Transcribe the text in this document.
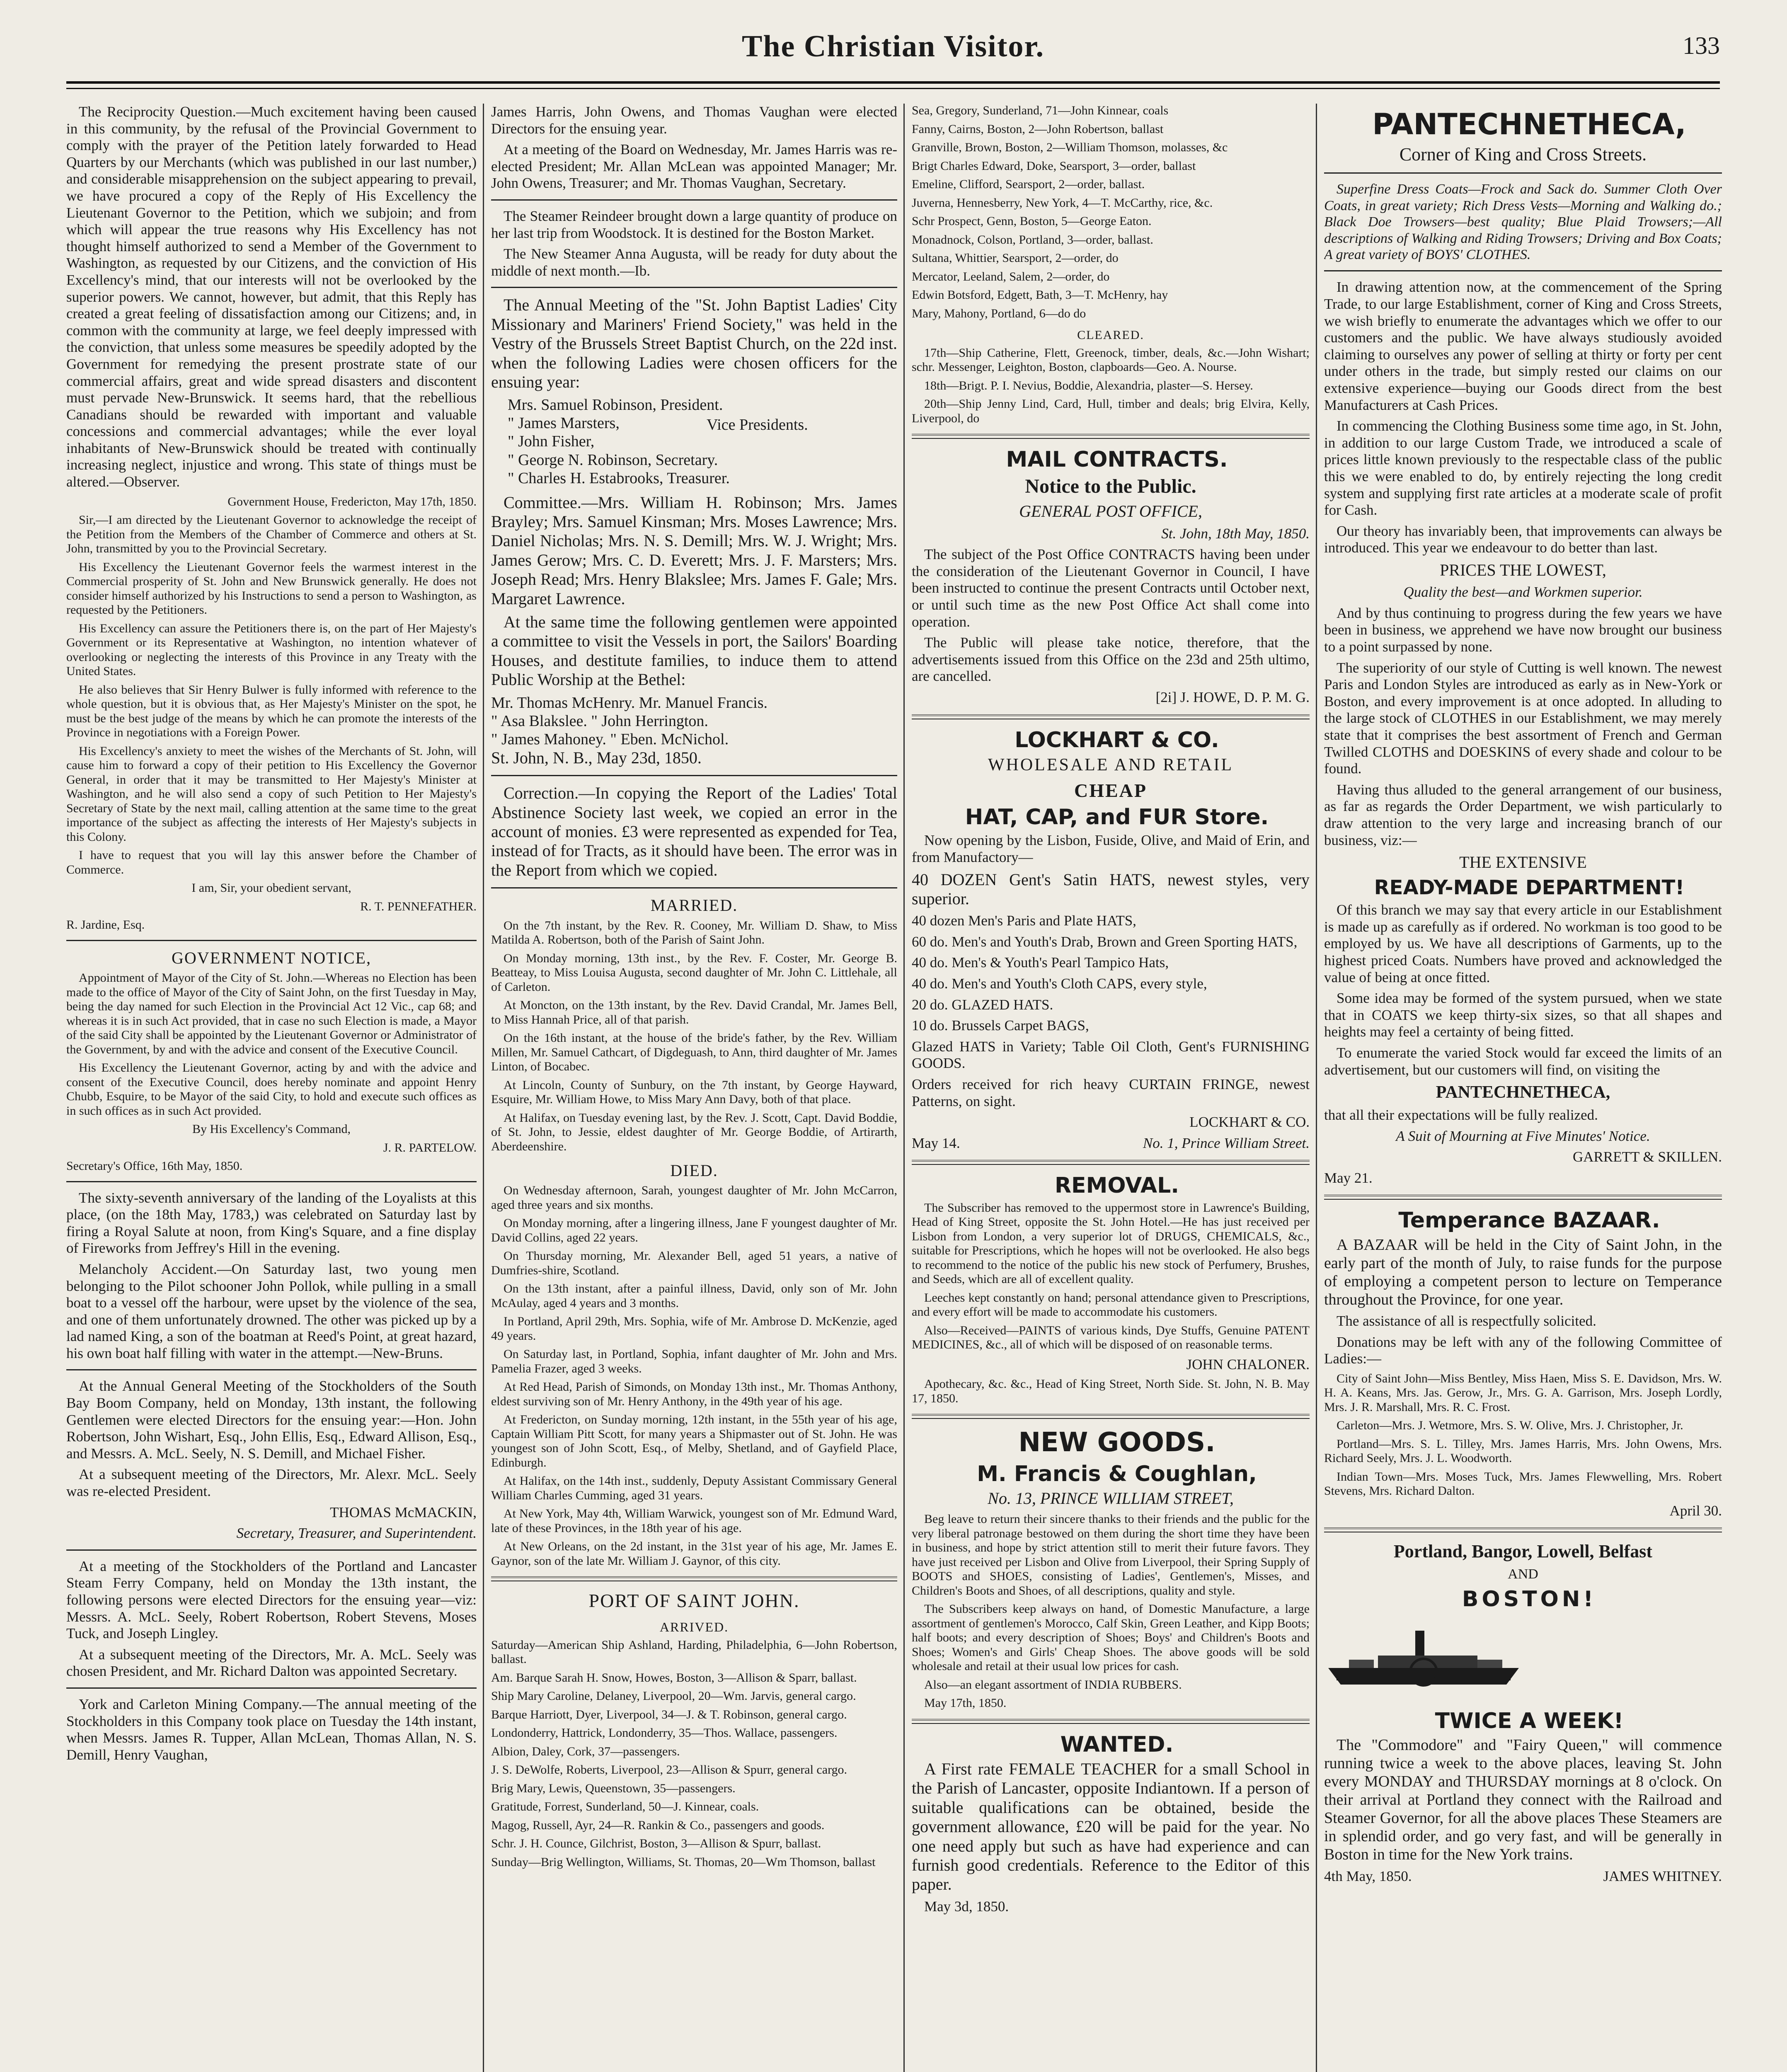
The Christian Visitor.	133

The Reciprocity Question.—Much excitement having been caused in this community, by the refusal of the Provincial Government to comply with the prayer of the Petition lately forwarded to Head Quarters by our Merchants (which was published in our last number,) and considerable misapprehension on the subject appearing to prevail, we have procured a copy of the Reply of His Excellency the Lieutenant Governor to the Petition, which we subjoin; and from which will appear the true reasons why His Excellency has not thought himself authorized to send a Member of the Government to Washington, as requested by our Citizens, and the conviction of His Excellency's mind, that our interests will not be overlooked by the superior powers. We cannot, however, but admit, that this Reply has created a great feeling of dissatisfaction among our Citizens; and, in common with the community at large, we feel deeply impressed with the conviction, that unless some measures be speedily adopted by the Government for remedying the present prostrate state of our commercial affairs, great and wide spread disasters and discontent must pervade New-Brunswick. It seems hard, that the rebellious Canadians should be rewarded with important and valuable concessions and commercial advantages; while the ever loyal inhabitants of New-Brunswick should be treated with continually increasing neglect, injustice and wrong. This state of things must be altered.—Observer.

Government House, Fredericton, May 17th, 1850.

Sir,—I am directed by the Lieutenant Governor to acknowledge the receipt of the Petition from the Members of the Chamber of Commerce and others at St. John, transmitted by you to the Provincial Secretary.

His Excellency the Lieutenant Governor feels the warmest interest in the Commercial prosperity of St. John and New Brunswick generally. He does not consider himself authorized by his Instructions to send a person to Washington, as requested by the Petitioners.

His Excellency can assure the Petitioners there is, on the part of Her Majesty's Government or its Representative at Washington, no intention whatever of overlooking or neglecting the interests of this Province in any Treaty with the United States.

He also believes that Sir Henry Bulwer is fully informed with reference to the whole question, but it is obvious that, as Her Majesty's Minister on the spot, he must be the best judge of the means by which he can promote the interests of the Province in negotiations with a Foreign Power.

His Excellency's anxiety to meet the wishes of the Merchants of St. John, will cause him to forward a copy of their petition to His Excellency the Governor General, in order that it may be transmitted to Her Majesty's Minister at Washington, and he will also send a copy of such Petition to Her Majesty's Secretary of State by the next mail, calling attention at the same time to the great importance of the subject as affecting the interests of Her Majesty's subjects in this Colony.

I have to request that you will lay this answer before the Chamber of Commerce.

I am, Sir, your obedient servant,

R. T. PENNEFATHER.

R. Jardine, Esq.

GOVERNMENT NOTICE,

Appointment of Mayor of the City of St. John.—Whereas no Election has been made to the office of Mayor of the City of Saint John, on the first Tuesday in May, being the day named for such Election in the Provincial Act 12 Vic., cap 68; and whereas it is in such Act provided, that in case no such Election is made, a Mayor of the said City shall be appointed by the Lieutenant Governor or Administrator of the Government, by and with the advice and consent of the Executive Council.

His Excellency the Lieutenant Governor, acting by and with the advice and consent of the Executive Council, does hereby nominate and appoint Henry Chubb, Esquire, to be Mayor of the said City, to hold and execute such offices as in such offices as in such Act provided.

By His Excellency's Command,

J. R. PARTELOW.

Secretary's Office, 16th May, 1850.

The sixty-seventh anniversary of the landing of the Loyalists at this place, (on the 18th May, 1783,) was celebrated on Saturday last by firing a Royal Salute at noon, from King's Square, and a fine display of Fireworks from Jeffrey's Hill in the evening.

Melancholy Accident.—On Saturday last, two young men belonging to the Pilot schooner John Pollok, while pulling in a small boat to a vessel off the harbour, were upset by the violence of the sea, and one of them unfortunately drowned. The other was picked up by a lad named King, a son of the boatman at Reed's Point, at great hazard, his own boat half filling with water in the attempt.—New-Bruns.

At the Annual General Meeting of the Stockholders of the South Bay Boom Company, held on Monday, 13th instant, the following Gentlemen were elected Directors for the ensuing year:—Hon. John Robertson, John Wishart, Esq., John Ellis, Esq., Edward Allison, Esq., and Messrs. A. McL. Seely, N. S. Demill, and Michael Fisher.

At a subsequent meeting of the Directors, Mr. Alexr. McL. Seely was re-elected President.

THOMAS McMACKIN,

Secretary, Treasurer, and Superintendent.

At a meeting of the Stockholders of the Portland and Lancaster Steam Ferry Company, held on Monday the 13th instant, the following persons were elected Directors for the ensuing year—viz: Messrs. A. McL. Seely, Robert Robertson, Robert Stevens, Moses Tuck, and Joseph Lingley.

At a subsequent meeting of the Directors, Mr. A. McL. Seely was chosen President, and Mr. Richard Dalton was appointed Secretary.

York and Carleton Mining Company.—The annual meeting of the Stockholders in this Company took place on Tuesday the 14th instant, when Messrs. James R. Tupper, Allan McLean, Thomas Allan, N. S. Demill, Henry Vaughan,

James Harris, John Owens, and Thomas Vaughan were elected Directors for the ensuing year.

At a meeting of the Board on Wednesday, Mr. James Harris was re-elected President; Mr. Allan McLean was appointed Manager; Mr. John Owens, Treasurer; and Mr. Thomas Vaughan, Secretary.

The Steamer Reindeer brought down a large quantity of produce on her last trip from Woodstock. It is destined for the Boston Market.

The New Steamer Anna Augusta, will be ready for duty about the middle of next month.—Ib.

The Annual Meeting of the "St. John Baptist Ladies' City Missionary and Mariners' Friend Society," was held in the Vestry of the Brussels Street Baptist Church, on the 22d inst. when the following Ladies were chosen officers for the ensuing year:

Mrs. Samuel Robinson, President.
" James Marsters,
" John Fisher,
Vice Presidents.
" George N. Robinson, Secretary.
" Charles H. Estabrooks, Treasurer.

Committee.—Mrs. William H. Robinson; Mrs. James Brayley; Mrs. Samuel Kinsman; Mrs. Moses Lawrence; Mrs. Daniel Nicholas; Mrs. N. S. Demill; Mrs. W. J. Wright; Mrs. James Gerow; Mrs. C. D. Everett; Mrs. J. F. Marsters; Mrs. Joseph Read; Mrs. Henry Blakslee; Mrs. James F. Gale; Mrs. Margaret Lawrence.

At the same time the following gentlemen were appointed a committee to visit the Vessels in port, the Sailors' Boarding Houses, and destitute families, to induce them to attend Public Worship at the Bethel:

Mr. Thomas McHenry. Mr. Manuel Francis.
" Asa Blakslee. " John Herrington.
" James Mahoney. " Eben. McNichol.

St. John, N. B., May 23d, 1850.

Correction.—In copying the Report of the Ladies' Total Abstinence Society last week, we copied an error in the account of monies. £3 were represented as expended for Tea, instead of for Tracts, as it should have been. The error was in the Report from which we copied.

MARRIED.

On the 7th instant, by the Rev. R. Cooney, Mr. William D. Shaw, to Miss Matilda A. Robertson, both of the Parish of Saint John.

On Monday morning, 13th inst., by the Rev. F. Coster, Mr. George B. Beatteay, to Miss Louisa Augusta, second daughter of Mr. John C. Littlehale, all of Carleton.

At Moncton, on the 13th instant, by the Rev. David Crandal, Mr. James Bell, to Miss Hannah Price, all of that parish.

On the 16th instant, at the house of the bride's father, by the Rev. William Millen, Mr. Samuel Cathcart, of Digdeguash, to Ann, third daughter of Mr. James Linton, of Bocabec.

At Lincoln, County of Sunbury, on the 7th instant, by George Hayward, Esquire, Mr. William Howe, to Miss Mary Ann Davy, both of that place.

At Halifax, on Tuesday evening last, by the Rev. J. Scott, Capt. David Boddie, of St. John, to Jessie, eldest daughter of Mr. George Boddie, of Artirarth, Aberdeenshire.

DIED.

On Wednesday afternoon, Sarah, youngest daughter of Mr. John McCarron, aged three years and six months.

On Monday morning, after a lingering illness, Jane F youngest daughter of Mr. David Collins, aged 22 years.

On Thursday morning, Mr. Alexander Bell, aged 51 years, a native of Dumfries-shire, Scotland.

On the 13th instant, after a painful illness, David, only son of Mr. John McAulay, aged 4 years and 3 months.

In Portland, April 29th, Mrs. Sophia, wife of Mr. Ambrose D. McKenzie, aged 49 years.

On Saturday last, in Portland, Sophia, infant daughter of Mr. John and Mrs. Pamelia Frazer, aged 3 weeks.

At Red Head, Parish of Simonds, on Monday 13th inst., Mr. Thomas Anthony, eldest surviving son of Mr. Henry Anthony, in the 49th year of his age.

At Fredericton, on Sunday morning, 12th instant, in the 55th year of his age, Captain William Pitt Scott, for many years a Shipmaster out of St. John. He was youngest son of John Scott, Esq., of Melby, Shetland, and of Gayfield Place, Edinburgh.

At Halifax, on the 14th inst., suddenly, Deputy Assistant Commissary General William Charles Cumming, aged 31 years.

At New York, May 4th, William Warwick, youngest son of Mr. Edmund Ward, late of these Provinces, in the 18th year of his age.

At New Orleans, on the 2d instant, in the 31st year of his age, Mr. James E. Gaynor, son of the late Mr. William J. Gaynor, of this city.

PORT OF SAINT JOHN.

ARRIVED.

Saturday—American Ship Ashland, Harding, Philadelphia, 6—John Robertson, ballast.

Am. Barque Sarah H. Snow, Howes, Boston, 3—Allison & Sparr, ballast.

Ship Mary Caroline, Delaney, Liverpool, 20—Wm. Jarvis, general cargo.

Barque Harriott, Dyer, Liverpool, 34—J. & T. Robinson, general cargo.

Londonderry, Hattrick, Londonderry, 35—Thos. Wallace, passengers.

Albion, Daley, Cork, 37—passengers.

J. S. DeWolfe, Roberts, Liverpool, 23—Allison & Spurr, general cargo.

Brig Mary, Lewis, Queenstown, 35—passengers.

Gratitude, Forrest, Sunderland, 50—J. Kinnear, coals.

Magog, Russell, Ayr, 24—R. Rankin & Co., passengers and goods.

Schr. J. H. Counce, Gilchrist, Boston, 3—Allison & Spurr, ballast.

Sunday—Brig Wellington, Williams, St. Thomas, 20—Wm Thomson, ballast

Sea, Gregory, Sunderland, 71—John Kinnear, coals

Fanny, Cairns, Boston, 2—John Robertson, ballast

Granville, Brown, Boston, 2—William Thomson, molasses, &c

Brigt Charles Edward, Doke, Searsport, 3—order, ballast

Emeline, Clifford, Searsport, 2—order, ballast.

Juverna, Hennesberry, New York, 4—T. McCarthy, rice, &c.

Schr Prospect, Genn, Boston, 5—George Eaton.

Monadnock, Colson, Portland, 3—order, ballast.

Sultana, Whittier, Searsport, 2—order, do

Mercator, Leeland, Salem, 2—order, do

Edwin Botsford, Edgett, Bath, 3—T. McHenry, hay

Mary, Mahony, Portland, 6—do do

CLEARED.

17th—Ship Catherine, Flett, Greenock, timber, deals, &c.—John Wishart; schr. Messenger, Leighton, Boston, clapboards—Geo. A. Nourse.

18th—Brigt. P. I. Nevius, Boddie, Alexandria, plaster—S. Hersey.

20th—Ship Jenny Lind, Card, Hull, timber and deals; brig Elvira, Kelly, Liverpool, do

MAIL CONTRACTS.

Notice to the Public.

GENERAL POST OFFICE,

St. John, 18th May, 1850.

The subject of the Post Office CONTRACTS having been under the consideration of the Lieutenant Governor in Council, I have been instructed to continue the present Contracts until October next, or until such time as the new Post Office Act shall come into operation.

The Public will please take notice, therefore, that the advertisements issued from this Office on the 23d and 25th ultimo, are cancelled.

[2i] J. HOWE, D. P. M. G.

LOCKHART & CO.

WHOLESALE AND RETAIL

CHEAP

HAT, CAP, and FUR Store.

Now opening by the Lisbon, Fuside, Olive, and Maid of Erin, and from Manufactory—

40 DOZEN Gent's Satin HATS, newest styles, very superior.

40 dozen Men's Paris and Plate HATS,

60 do. Men's and Youth's Drab, Brown and Green Sporting HATS,

40 do. Men's & Youth's Pearl Tampico Hats,

40 do. Men's and Youth's Cloth CAPS, every style,

20 do. GLAZED HATS.

10 do. Brussels Carpet BAGS,

Glazed HATS in Variety; Table Oil Cloth, Gent's FURNISHING GOODS.

Orders received for rich heavy CURTAIN FRINGE, newest Patterns, on sight.

LOCKHART & CO.

May 14.	No. 1, Prince William Street.

REMOVAL.

The Subscriber has removed to the uppermost store in Lawrence's Building, Head of King Street, opposite the St. John Hotel.—He has just received per Lisbon from London, a very superior lot of DRUGS, CHEMICALS, &c., suitable for Prescriptions, which he hopes will not be overlooked. He also begs to recommend to the notice of the public his new stock of Perfumery, Brushes, and Seeds, which are all of excellent quality.

Leeches kept constantly on hand; personal attendance given to Prescriptions, and every effort will be made to accommodate his customers.

Also—Received—PAINTS of various kinds, Dye Stuffs, Genuine PATENT MEDICINES, &c., all of which will be disposed of on reasonable terms.

JOHN CHALONER.

Apothecary, &c. &c., Head of King Street, North Side. St. John, N. B. May 17, 1850.

NEW GOODS.

M. Francis & Coughlan,

No. 13, PRINCE WILLIAM STREET,

Beg leave to return their sincere thanks to their friends and the public for the very liberal patronage bestowed on them during the short time they have been in business, and hope by strict attention still to merit their future favors. They have just received per Lisbon and Olive from Liverpool, their Spring Supply of BOOTS and SHOES, consisting of Ladies', Gentlemen's, Misses, and Children's Boots and Shoes, of all descriptions, quality and style.

The Subscribers keep always on hand, of Domestic Manufacture, a large assortment of gentlemen's Morocco, Calf Skin, Green Leather, and Kipp Boots; half boots; and every description of Shoes; Boys' and Children's Boots and Shoes; Women's and Girls' Cheap Shoes. The above goods will be sold wholesale and retail at their usual low prices for cash.

Also—an elegant assortment of INDIA RUBBERS.

May 17th, 1850.

WANTED.

A First rate FEMALE TEACHER for a small School in the Parish of Lancaster, opposite Indiantown. If a person of suitable qualifications can be obtained, beside the government allowance, £20 will be paid for the year. No one need apply but such as have had experience and can furnish good credentials. Reference to the Editor of this paper.

May 3d, 1850.

PANTECHNETHECA,

Corner of King and Cross Streets.

Superfine Dress Coats—Frock and Sack do. Summer Cloth Over Coats, in great variety; Rich Dress Vests—Morning and Walking do.; Black Doe Trowsers—best quality; Blue Plaid Trowsers;—All descriptions of Walking and Riding Trowsers; Driving and Box Coats; A great variety of BOYS' CLOTHES.

In drawing attention now, at the commencement of the Spring Trade, to our large Establishment, corner of King and Cross Streets, we wish briefly to enumerate the advantages which we offer to our customers and the public. We have always studiously avoided claiming to ourselves any power of selling at thirty or forty per cent under others in the trade, but simply rested our claims on our extensive experience—buying our Goods direct from the best Manufacturers at Cash Prices.

In commencing the Clothing Business some time ago, in St. John, in addition to our large Custom Trade, we introduced a scale of prices little known previously to the respectable class of the public this we were enabled to do, by entirely rejecting the long credit system and supplying first rate articles at a moderate scale of profit for Cash.

Our theory has invariably been, that improvements can always be introduced. This year we endeavour to do better than last.

PRICES THE LOWEST,

Quality the best—and Workmen superior.

And by thus continuing to progress during the few years we have been in business, we apprehend we have now brought our business to a point surpassed by none.

The superiority of our style of Cutting is well known. The newest Paris and London Styles are introduced as early as in New-York or Boston, and every improvement is at once adopted. In alluding to the large stock of CLOTHES in our Establishment, we may merely state that it comprises the best assortment of French and German Twilled CLOTHS and DOESKINS of every shade and colour to be found.

Having thus alluded to the general arrangement of our business, as far as regards the Order Department, we wish particularly to draw attention to the very large and increasing branch of our business, viz:—

THE EXTENSIVE

READY-MADE DEPARTMENT!

Of this branch we may say that every article in our Establishment is made up as carefully as if ordered. No workman is too good to be employed by us. We have all descriptions of Garments, up to the highest priced Coats. Numbers have proved and acknowledged the value of being at once fitted.

Some idea may be formed of the system pursued, when we state that in COATS we keep thirty-six sizes, so that all shapes and heights may feel a certainty of being fitted.

To enumerate the varied Stock would far exceed the limits of an advertisement, but our customers will find, on visiting the

PANTECHNETHECA,

that all their expectations will be fully realized.

A Suit of Mourning at Five Minutes' Notice.

GARRETT & SKILLEN.

May 21.

Temperance BAZAAR.

A BAZAAR will be held in the City of Saint John, in the early part of the month of July, to raise funds for the purpose of employing a competent person to lecture on Temperance throughout the Province, for one year.

The assistance of all is respectfully solicited.

Donations may be left with any of the following Committee of Ladies:—

City of Saint John—Miss Bentley, Miss Haen, Miss S. E. Davidson, Mrs. W. H. A. Keans, Mrs. Jas. Gerow, Jr., Mrs. G. A. Garrison, Mrs. Joseph Lordly, Mrs. J. R. Marshall, Mrs. R. C. Frost.

Carleton—Mrs. J. Wetmore, Mrs. S. W. Olive, Mrs. J. Christopher, Jr.

Portland—Mrs. S. L. Tilley, Mrs. James Harris, Mrs. John Owens, Mrs. Richard Seely, Mrs. J. L. Woodworth.

Indian Town—Mrs. Moses Tuck, Mrs. James Flewwelling, Mrs. Robert Stevens, Mrs. Richard Dalton.

April 30.

Portland, Bangor, Lowell, Belfast

AND

BOSTON!

TWICE A WEEK!

The "Commodore" and "Fairy Queen," will commence running twice a week to the above places, leaving St. John every MONDAY and THURSDAY mornings at 8 o'clock. On their arrival at Portland they connect with the Railroad and Steamer Governor, for all the above places These Steamers are in splendid order, and go very fast, and will be generally in Boston in time for the New York trains.

4th May, 1850.	JAMES WHITNEY.
